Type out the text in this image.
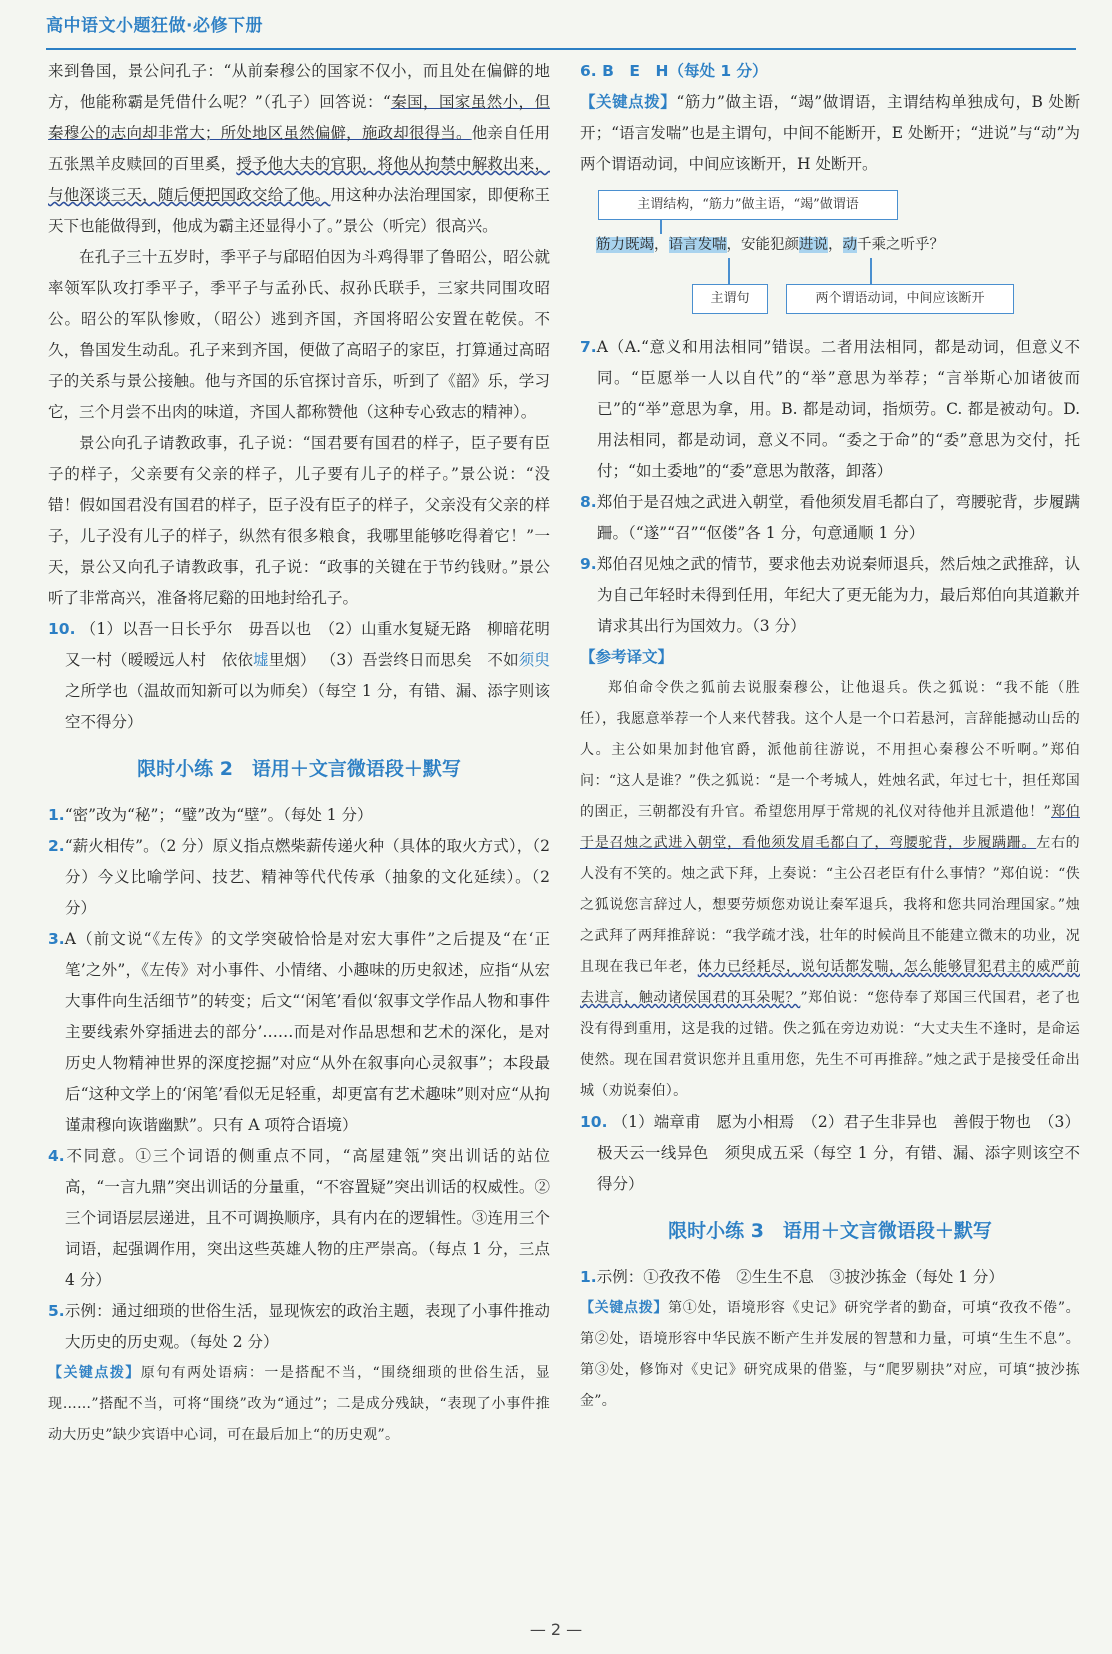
高中语文小题狂做·必修下册

来到鲁国，景公问孔子：“从前秦穆公的国家不仅小，而且处在偏僻的地方，他能称霸是凭借什么呢？”（孔子）回答说：“秦国，国家虽然小，但秦穆公的志向却非常大；所处地区虽然偏僻，施政却很得当。他亲自任用五张黑羊皮赎回的百里奚，授予他大夫的官职，将他从拘禁中解救出来，与他深谈三天，随后便把国政交给了他。用这种办法治理国家，即便称王天下也能做得到，他成为霸主还显得小了。”景公（听完）很高兴。

在孔子三十五岁时，季平子与郈昭伯因为斗鸡得罪了鲁昭公，昭公就率领军队攻打季平子，季平子与孟孙氏、叔孙氏联手，三家共同围攻昭公。昭公的军队惨败，（昭公）逃到齐国，齐国将昭公安置在乾侯。不久，鲁国发生动乱。孔子来到齐国，便做了高昭子的家臣，打算通过高昭子的关系与景公接触。他与齐国的乐官探讨音乐，听到了《韶》乐，学习它，三个月尝不出肉的味道，齐国人都称赞他（这种专心致志的精神）。

景公向孔子请教政事，孔子说：“国君要有国君的样子，臣子要有臣子的样子，父亲要有父亲的样子，儿子要有儿子的样子。”景公说：“没错！假如国君没有国君的样子，臣子没有臣子的样子，父亲没有父亲的样子，儿子没有儿子的样子，纵然有很多粮食，我哪里能够吃得着它！”一天，景公又向孔子请教政事，孔子说：“政事的关键在于节约钱财。”景公听了非常高兴，准备将尼谿的田地封给孔子。

10. （1）以吾一日长乎尔　 毋吾以也　 （2）山重水复疑无路　 柳暗花明又一村（暧暧远人村　 依依墟里烟） （3）吾尝终日而思矣　 不如须臾之所学也（温故而知新可以为师矣）（每空 1 分，有错、漏、添字则该空不得分）

限时小练 2　语用＋文言微语段＋默写

1.“密”改为“秘”；“璧”改为“壁”。（每处 1 分）

2.“薪火相传”。（2 分）原义指点燃柴薪传递火种（具体的取火方式），（2 分）今义比喻学问、技艺、精神等代代传承（抽象的文化延续）。（2 分）

3.A（前文说“《左传》的文学突破恰恰是对宏大事件”之后提及“在‘正笔’之外”，《左传》对小事件、小情绪、小趣味的历史叙述，应指“从宏大事件向生活细节”的转变；后文“‘闲笔’看似‘叙事文学作品人物和事件主要线索外穿插进去的部分’……而是对作品思想和艺术的深化，是对历史人物精神世界的深度挖掘”对应“从外在叙事向心灵叙事”；本段最后“这种文学上的‘闲笔’看似无足轻重，却更富有艺术趣味”则对应“从拘谨肃穆向诙谐幽默”。只有 A 项符合语境）

4.不同意。①三个词语的侧重点不同，“高屋建瓴”突出训话的站位高，“一言九鼎”突出训话的分量重，“不容置疑”突出训话的权威性。②三个词语层层递进，且不可调换顺序，具有内在的逻辑性。③连用三个词语，起强调作用，突出这些英雄人物的庄严崇高。（每点 1 分，三点 4 分）

5.示例：通过细琐的世俗生活，显现恢宏的政治主题，表现了小事件推动大历史的历史观。（每处 2 分）

【关键点拨】原句有两处语病：一是搭配不当，“围绕细琐的世俗生活，显现……”搭配不当，可将“围绕”改为“通过”；二是成分残缺，“表现了小事件推动大历史”缺少宾语中心词，可在最后加上“的历史观”。

6. B　E　H（每处 1 分）

【关键点拨】“筋力”做主语，“竭”做谓语，主谓结构单独成句，B 处断开；“语言发喘”也是主谓句，中间不能断开，E 处断开；“进说”与“动”为两个谓语动词，中间应该断开，H 处断开。

主谓结构，“筋力”做主语，“竭”做谓语
筋力既竭，语言发喘，安能犯颜进说，动千乘之听乎？
主谓句	两个谓语动词，中间应该断开

7.A（A.“意义和用法相同”错误。二者用法相同，都是动词，但意义不同。“臣愿举一人以自代”的“举”意思为举荐；“言举斯心加诸彼而已”的“举”意思为拿，用。B. 都是动词，指烦劳。C. 都是被动句。D. 用法相同，都是动词，意义不同。“委之于命”的“委”意思为交付，托付；“如土委地”的“委”意思为散落，卸落）

8.郑伯于是召烛之武进入朝堂，看他须发眉毛都白了，弯腰驼背，步履蹒跚。（“遂”“召”“伛偻”各 1 分，句意通顺 1 分）

9.郑伯召见烛之武的情节，要求他去劝说秦师退兵，然后烛之武推辞，认为自己年轻时未得到任用，年纪大了更无能为力，最后郑伯向其道歉并请求其出行为国效力。（3 分）

【参考译文】

郑伯命令佚之狐前去说服秦穆公，让他退兵。佚之狐说：“我不能（胜任），我愿意举荐一个人来代替我。这个人是一个口若悬河，言辞能撼动山岳的人。主公如果加封他官爵，派他前往游说，不用担心秦穆公不听啊。”郑伯问：“这人是谁？”佚之狐说：“是一个考城人，姓烛名武，年过七十，担任郑国的圉正，三朝都没有升官。希望您用厚于常规的礼仪对待他并且派遣他！”郑伯于是召烛之武进入朝堂，看他须发眉毛都白了，弯腰驼背，步履蹒跚。左右的人没有不笑的。烛之武下拜，上奏说：“主公召老臣有什么事情？”郑伯说：“佚之狐说您言辞过人，想要劳烦您劝说让秦军退兵，我将和您共同治理国家。”烛之武拜了两拜推辞说：“我学疏才浅，壮年的时候尚且不能建立微末的功业，况且现在我已年老，体力已经耗尽，说句话都发喘，怎么能够冒犯君主的威严前去进言，触动诸侯国君的耳朵呢？”郑伯说：“您侍奉了郑国三代国君，老了也没有得到重用，这是我的过错。佚之狐在旁边劝说：“大丈夫生不逢时，是命运使然。现在国君赏识您并且重用您，先生不可再推辞。”烛之武于是接受任命出城（劝说秦伯）。

10. （1）端章甫　愿为小相焉　（2）君子生非异也　善假于物也　（3）极天云一线异色　须臾成五采（每空 1 分，有错、漏、添字则该空不得分）

限时小练 3　语用＋文言微语段＋默写

1.示例：①孜孜不倦　②生生不息　③披沙拣金（每处 1 分）

【关键点拨】第①处，语境形容《史记》研究学者的勤奋，可填“孜孜不倦”。第②处，语境形容中华民族不断产生并发展的智慧和力量，可填“生生不息”。第③处，修饰对《史记》研究成果的借鉴，与“爬罗剔抉”对应，可填“披沙拣金”。

— 2 —
